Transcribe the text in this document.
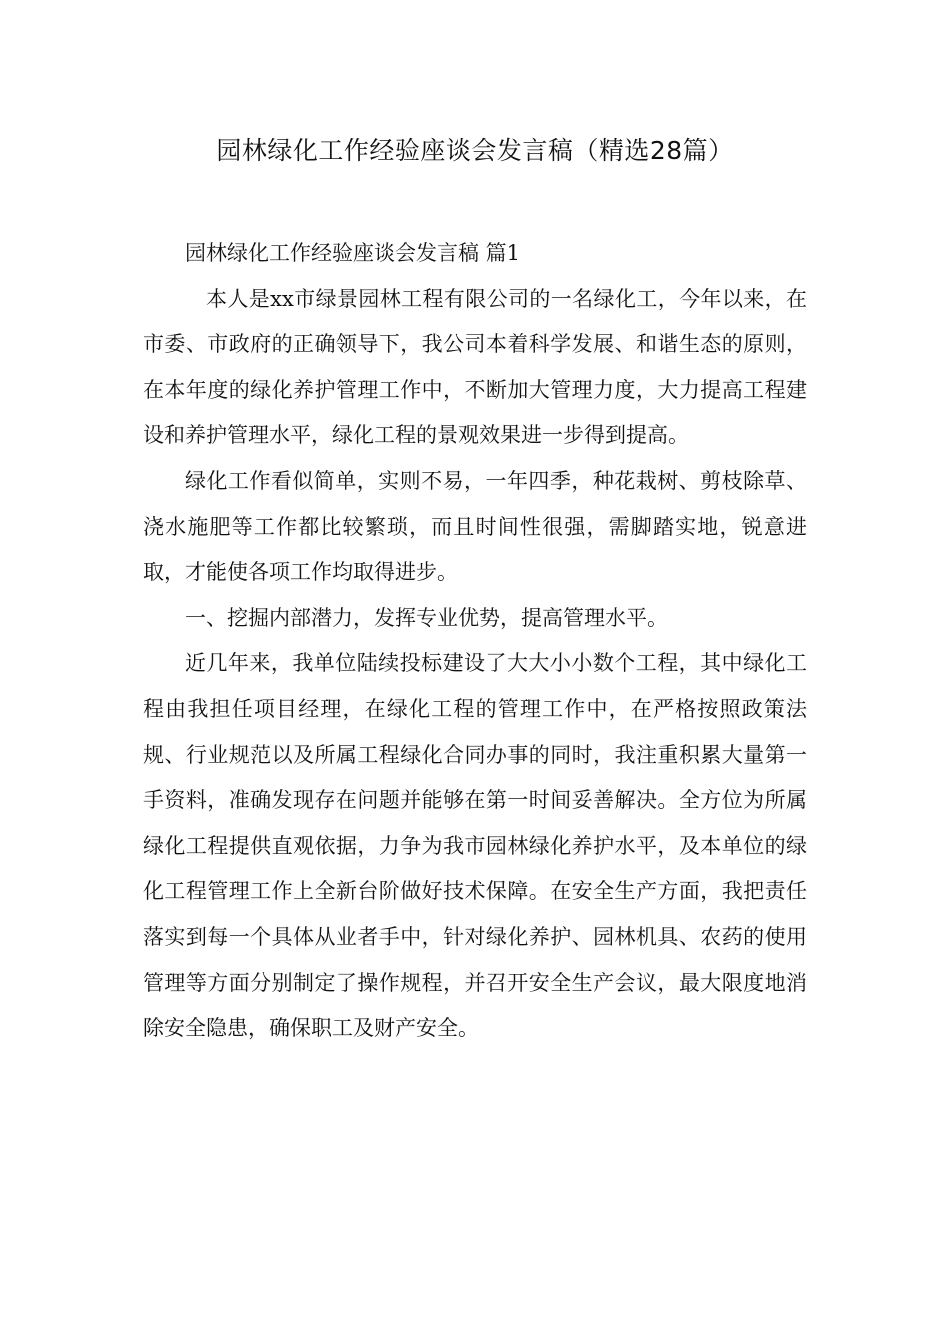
园林绿化工作经验座谈会发言稿（精选28篇）

园林绿化工作经验座谈会发言稿 篇1

本人是xx市绿景园林工程有限公司的一名绿化工，今年以来，在市委、市政府的正确领导下，我公司本着科学发展、和谐生态的原则，在本年度的绿化养护管理工作中，不断加大管理力度，大力提高工程建设和养护管理水平，绿化工程的景观效果进一步得到提高。

绿化工作看似简单，实则不易，一年四季，种花栽树、剪枝除草、浇水施肥等工作都比较繁琐，而且时间性很强，需脚踏实地，锐意进取，才能使各项工作均取得进步。

一、挖掘内部潜力，发挥专业优势，提高管理水平。

近几年来，我单位陆续投标建设了大大小小数个工程，其中绿化工程由我担任项目经理，在绿化工程的管理工作中，在严格按照政策法规、行业规范以及所属工程绿化合同办事的同时，我注重积累大量第一手资料，准确发现存在问题并能够在第一时间妥善解决。全方位为所属绿化工程提供直观依据，力争为我市园林绿化养护水平，及本单位的绿化工程管理工作上全新台阶做好技术保障。在安全生产方面，我把责任落实到每一个具体从业者手中，针对绿化养护、园林机具、农药的使用管理等方面分别制定了操作规程，并召开安全生产会议，最大限度地消除安全隐患，确保职工及财产安全。
